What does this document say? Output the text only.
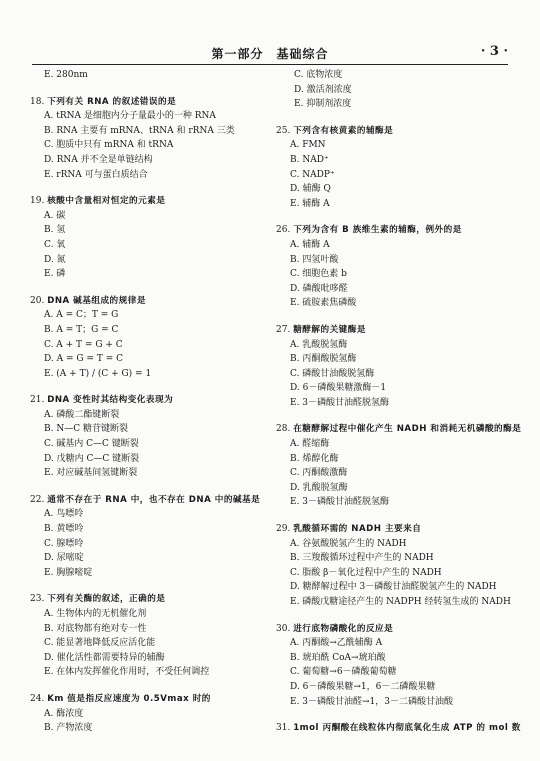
第一部分　基础综合	· 3 ·
E. 280nm
18. 下列有关 RNA 的叙述错误的是
A. tRNA 是细胞内分子量最小的一种 RNA
B. RNA 主要有 mRNA、tRNA 和 rRNA 三类
C. 胞质中只有 mRNA 和 tRNA
D. RNA 并不全是单链结构
E. rRNA 可与蛋白质结合
19. 核酸中含量相对恒定的元素是
A. 碳
B. 氢
C. 氧
D. 氮
E. 磷
20. DNA 碱基组成的规律是
A. A = C；T = G
B. A = T；G = C
C. A + T = G + C
D. A = G = T = C
E. (A + T) / (C + G) = 1
21. DNA 变性时其结构变化表现为
A. 磷酸二酯键断裂
B. N—C 糖苷键断裂
C. 碱基内 C—C 键断裂
D. 戊糖内 C—C 键断裂
E. 对应碱基间氢键断裂
22. 通常不存在于 RNA 中，也不存在 DNA 中的碱基是
A. 鸟嘌呤
B. 黄嘌呤
C. 腺嘌呤
D. 尿嘧啶
E. 胸腺嘧啶
23. 下列有关酶的叙述，正确的是
A. 生物体内的无机催化剂
B. 对底物都有绝对专一性
C. 能显著地降低反应活化能
D. 催化活性都需要特异的辅酶
E. 在体内发挥催化作用时，不受任何调控
24. Km 值是指反应速度为 0.5Vmax 时的
A. 酶浓度
B. 产物浓度
C. 底物浓度
D. 激活剂浓度
E. 抑制剂浓度
25. 下列含有核黄素的辅酶是
A. FMN
B. NAD⁺
C. NADP⁺
D. 辅酶 Q
E. 辅酶 A
26. 下列为含有 B 族维生素的辅酶，例外的是
A. 辅酶 A
B. 四氢叶酸
C. 细胞色素 b
D. 磷酸吡哆醛
E. 硫胺素焦磷酸
27. 糖酵解的关键酶是
A. 乳酸脱氢酶
B. 丙酮酸脱氢酶
C. 磷酸甘油酸脱氢酶
D. 6－磷酸果糖激酶－1
E. 3－磷酸甘油醛脱氢酶
28. 在糖酵解过程中催化产生 NADH 和消耗无机磷酸的酶是
A. 醛缩酶
B. 烯醇化酶
C. 丙酮酸激酶
D. 乳酸脱氢酶
E. 3－磷酸甘油醛脱氢酶
29. 乳酸循环需的 NADH 主要来自
A. 谷氨酸脱氢产生的 NADH
B. 三羧酸循环过程中产生的 NADH
C. 脂酸 β－氧化过程中产生的 NADH
D. 糖酵解过程中 3－磷酸甘油醛脱氢产生的 NADH
E. 磷酸戊糖途径产生的 NADPH 经转氢生成的 NADH
30. 进行底物磷酸化的反应是
A. 丙酮酸→乙酰辅酶 A
B. 琥珀酰 CoA→琥珀酸
C. 葡萄糖→6－磷酸葡萄糖
D. 6－磷酸果糖→1，6－二磷酸果糖
E. 3－磷酸甘油醛→1，3－二磷酸甘油酸
31. 1mol 丙酮酸在线粒体内彻底氧化生成 ATP 的 mol 数
